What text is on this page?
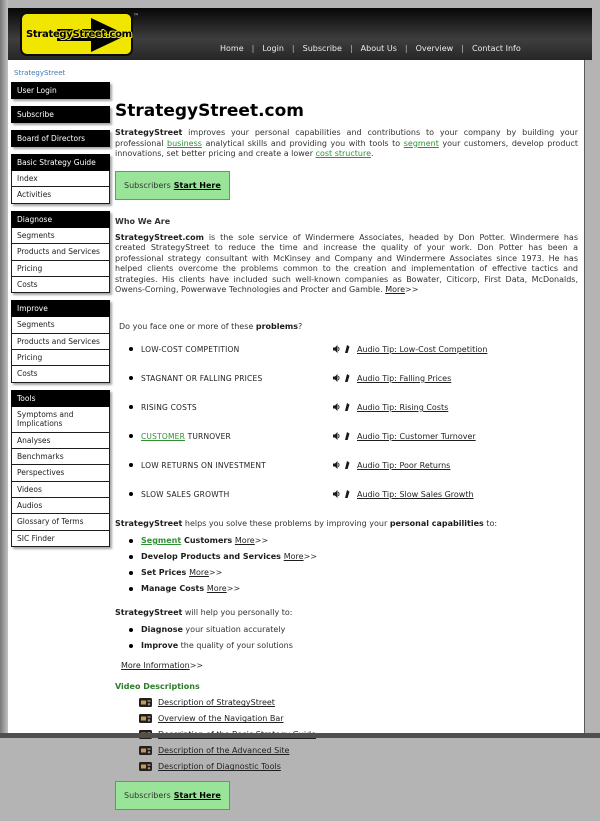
StrategyStreet.com
™
Home | Login | Subscribe | About Us | Overview | Contact Info
StrategyStreet
User Login
Subscribe
Board of Directors
Basic Strategy Guide
Index
Activities
Diagnose
Segments
Products and Services
Pricing
Costs
Improve
Segments
Products and Services
Pricing
Costs
Tools
Symptoms and Implications
Analyses
Benchmarks
Perspectives
Videos
Audios
Glossary of Terms
SIC Finder
StrategyStreet.com

StrategyStreet improves your personal capabilities and contributions to your company by building your professional business analytical skills and providing you with tools to segment your customers, develop product innovations, set better pricing and create a lower cost structure.

Subscribers Start Here
Who We Are

StrategyStreet.com is the sole service of Windermere Associates, headed by Don Potter. Windermere has created StrategyStreet to reduce the time and increase the quality of your work. Don Potter has been a professional strategy consultant with McKinsey and Company and Windermere Associates since 1973. He has helped clients overcome the problems common to the creation and implementation of effective tactics and strategies. His clients have included such well-known companies as Bowater, Citicorp, First Data, McDonalds, Owens-Corning, Powerwave Technologies and Procter and Gamble. More>>

Do you face one or more of these problems?

LOW-COST COMPETITION	Audio Tip: Low-Cost Competition
STAGNANT OR FALLING PRICES	Audio Tip: Falling Prices
RISING COSTS	Audio Tip: Rising Costs
CUSTOMER TURNOVER	Audio Tip: Customer Turnover
LOW RETURNS ON INVESTMENT	Audio Tip: Poor Returns
SLOW SALES GROWTH	Audio Tip: Slow Sales Growth

StrategyStreet helps you solve these problems by improving your personal capabilities to:

Segment Customers More>>
Develop Products and Services More>>
Set Prices More>>
Manage Costs More>>

StrategyStreet will help you personally to:

Diagnose your situation accurately
Improve the quality of your solutions

More Information>>

Video Descriptions
Description of StrategyStreet
Overview of the Navigation Bar
Description of the Advanced Site
Description of Diagnostic Tools
Subscribers Start Here
